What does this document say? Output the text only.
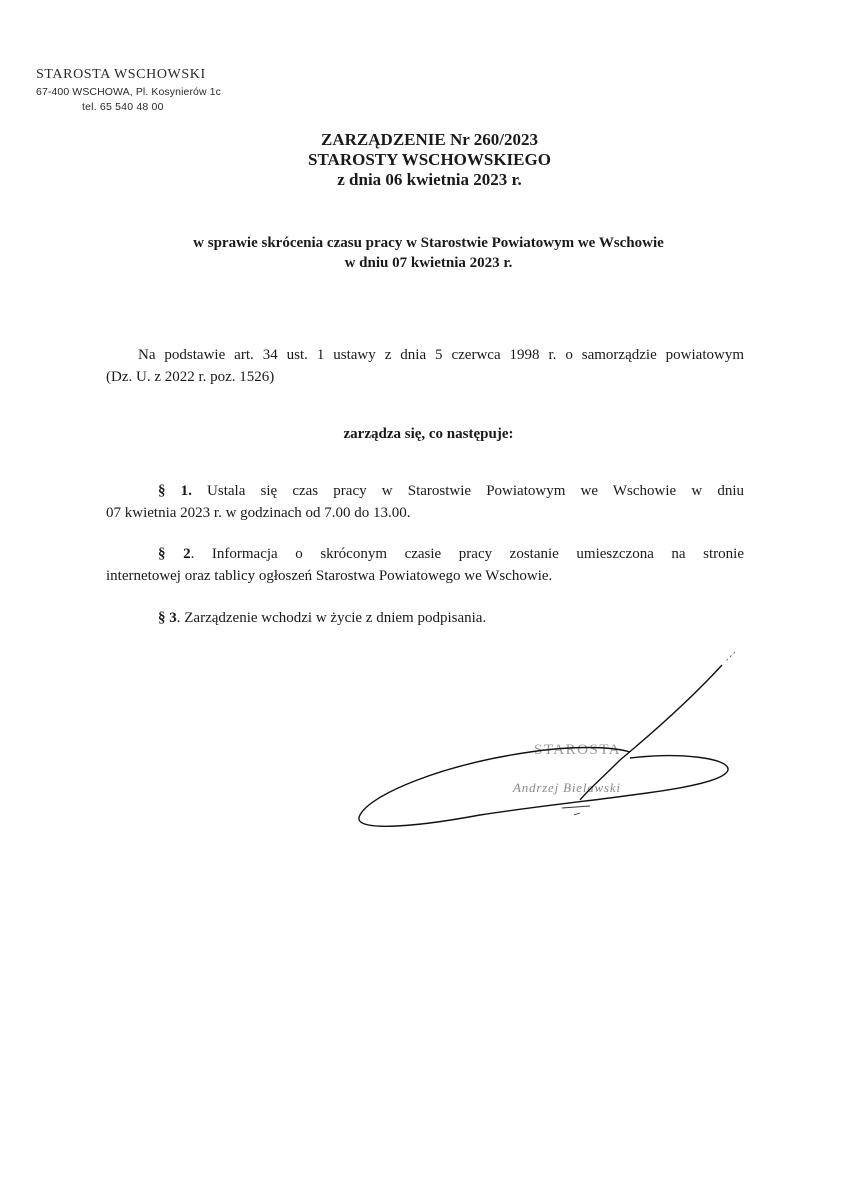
STAROSTA WSCHOWSKI
67-400 WSCHOWA, Pl. Kosynierów 1c
tel. 65 540 48 00
ZARZĄDZENIE Nr 260/2023
STAROSTY WSCHOWSKIEGO
z dnia 06 kwietnia 2023 r.
w sprawie skrócenia czasu pracy w Starostwie Powiatowym we Wschowie
w dniu 07 kwietnia 2023 r.
Na podstawie art. 34 ust. 1 ustawy z dnia 5 czerwca 1998 r. o samorządzie powiatowym
(Dz. U. z 2022 r. poz. 1526)
zarządza się, co następuje:
§ 1. Ustala się czas pracy w Starostwie Powiatowym we Wschowie w dniu
07 kwietnia 2023 r. w godzinach od 7.00 do 13.00.
§ 2. Informacja o skróconym czasie pracy zostanie umieszczona na stronie
internetowej oraz tablicy ogłoszeń Starostwa Powiatowego we Wschowie.
§ 3. Zarządzenie wchodzi w życie z dniem podpisania.
STAROSTA
Andrzej Bielawski
